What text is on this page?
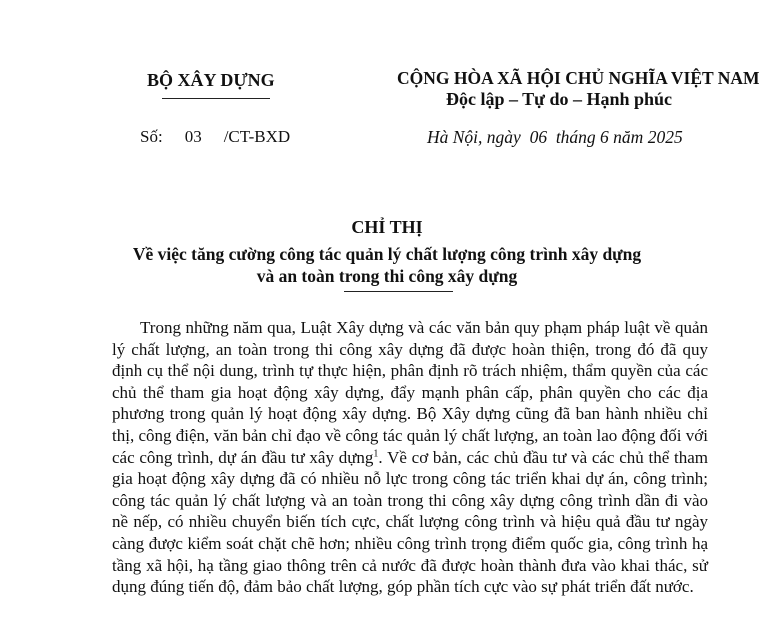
BỘ XÂY DỰNG	CỘNG HÒA XÃ HỘI CHỦ NGHĨA VIỆT NAM
Độc lập – Tự do – Hạnh phúc
Số: 03 /CT-BXD	Hà Nội, ngày  06  tháng 6 năm 2025
CHỈ THỊ
Về việc tăng cường công tác quản lý chất lượng công trình xây dựng
và an toàn trong thi công xây dựng

Trong những năm qua, Luật Xây dựng và các văn bản quy phạm pháp luật về quản lý chất lượng, an toàn trong thi công xây dựng đã được hoàn thiện, trong đó đã quy định cụ thể nội dung, trình tự thực hiện, phân định rõ trách nhiệm, thẩm quyền của các chủ thể tham gia hoạt động xây dựng, đẩy mạnh phân cấp, phân quyền cho các địa phương trong quản lý hoạt động xây dựng. Bộ Xây dựng cũng đã ban hành nhiều chỉ thị, công điện, văn bản chỉ đạo về công tác quản lý chất lượng, an toàn lao động đối với các công trình, dự án đầu tư xây dựng$^1$. Về cơ bản, các chủ đầu tư và các chủ thể tham gia hoạt động xây dựng đã có nhiều nỗ lực trong công tác triển khai dự án, công trình; công tác quản lý chất lượng và an toàn trong thi công xây dựng công trình dần đi vào nề nếp, có nhiều chuyển biến tích cực, chất lượng công trình và hiệu quả đầu tư ngày càng được kiểm soát chặt chẽ hơn; nhiều công trình trọng điểm quốc gia, công trình hạ tầng xã hội, hạ tầng giao thông trên cả nước đã được hoàn thành đưa vào khai thác, sử dụng đúng tiến độ, đảm bảo chất lượng, góp phần tích cực vào sự phát triển đất nước.
